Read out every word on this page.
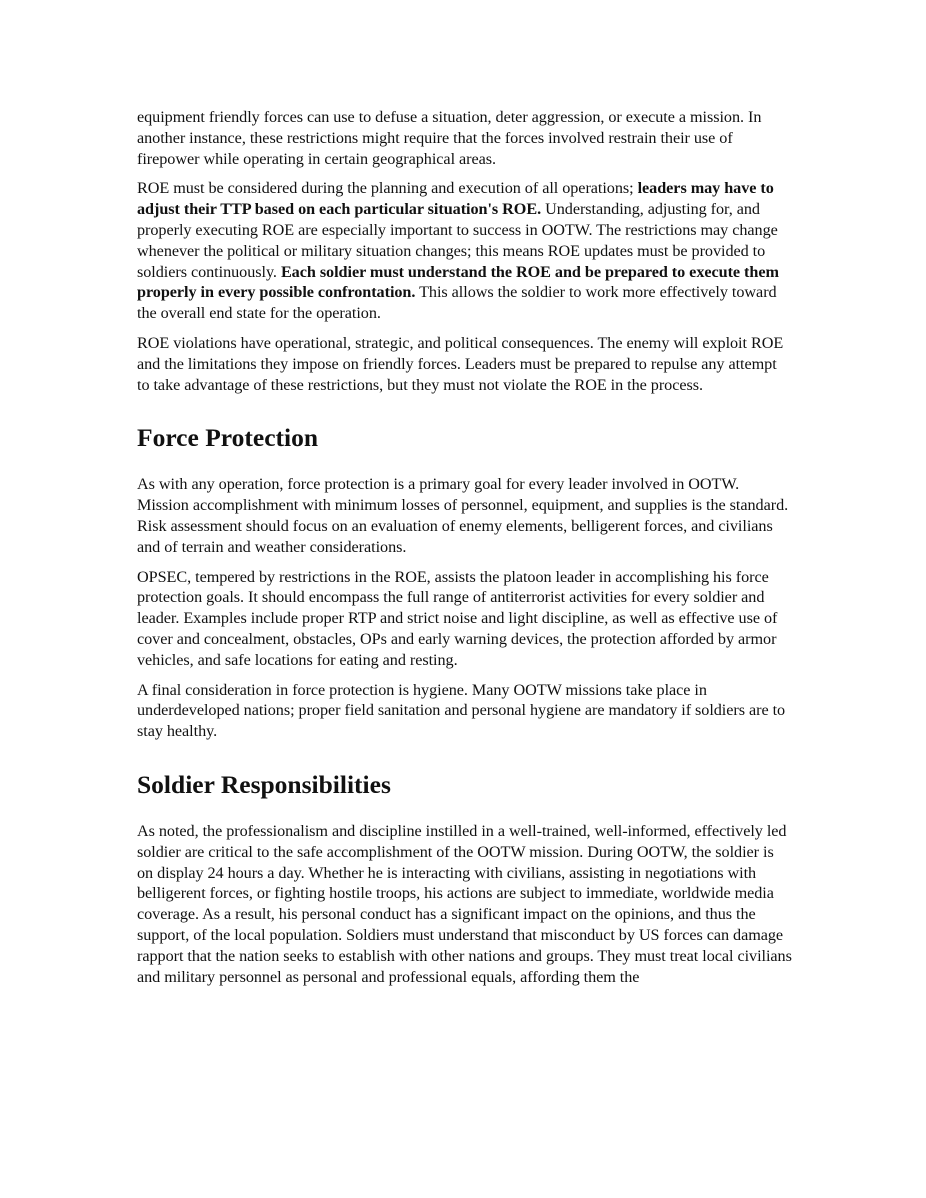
equipment friendly forces can use to defuse a situation, deter aggression, or execute a mission. In another instance, these restrictions might require that the forces involved restrain their use of firepower while operating in certain geographical areas.

ROE must be considered during the planning and execution of all operations; leaders may have to adjust their TTP based on each particular situation's ROE. Understanding, adjusting for, and properly executing ROE are especially important to success in OOTW. The restrictions may change whenever the political or military situation changes; this means ROE updates must be provided to soldiers continuously. Each soldier must understand the ROE and be prepared to execute them properly in every possible confrontation. This allows the soldier to work more effectively toward the overall end state for the operation.

ROE violations have operational, strategic, and political consequences. The enemy will exploit ROE and the limitations they impose on friendly forces. Leaders must be prepared to repulse any attempt to take advantage of these restrictions, but they must not violate the ROE in the process.

Force Protection

As with any operation, force protection is a primary goal for every leader involved in OOTW. Mission accomplishment with minimum losses of personnel, equipment, and supplies is the standard. Risk assessment should focus on an evaluation of enemy elements, belligerent forces, and civilians and of terrain and weather considerations.

OPSEC, tempered by restrictions in the ROE, assists the platoon leader in accomplishing his force protection goals. It should encompass the full range of antiterrorist activities for every soldier and leader. Examples include proper RTP and strict noise and light discipline, as well as effective use of cover and concealment, obstacles, OPs and early warning devices, the protection afforded by armor vehicles, and safe locations for eating and resting.

A final consideration in force protection is hygiene. Many OOTW missions take place in underdeveloped nations; proper field sanitation and personal hygiene are mandatory if soldiers are to stay healthy.

Soldier Responsibilities

As noted, the professionalism and discipline instilled in a well-trained, well-informed, effectively led soldier are critical to the safe accomplishment of the OOTW mission. During OOTW, the soldier is on display 24 hours a day. Whether he is interacting with civilians, assisting in negotiations with belligerent forces, or fighting hostile troops, his actions are subject to immediate, worldwide media coverage. As a result, his personal conduct has a significant impact on the opinions, and thus the support, of the local population. Soldiers must understand that misconduct by US forces can damage rapport that the nation seeks to establish with other nations and groups. They must treat local civilians and military personnel as personal and professional equals, affording them the
